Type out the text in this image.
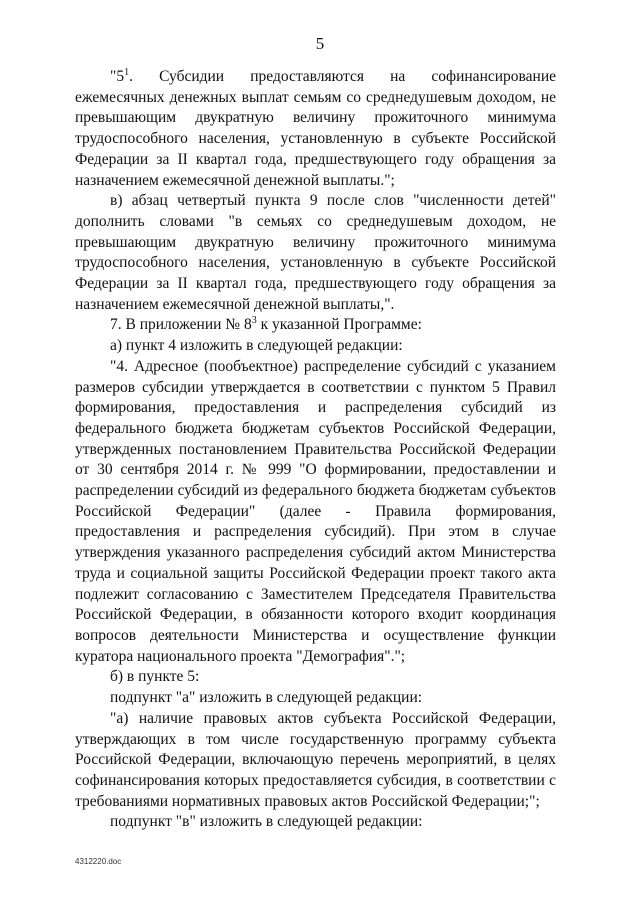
5

"$5^1$. Субсидии предоставляются на софинансирование ежемесячных денежных выплат семьям со среднедушевым доходом, не превышающим двукратную величину прожиточного минимума трудоспособного населения, установленную в субъекте Российской Федерации за II квартал года, предшествующего году обращения за назначением ежемесячной денежной выплаты.";

в) абзац четвертый пункта 9 после слов "численности детей" дополнить словами "в семьях со среднедушевым доходом, не превышающим двукратную величину прожиточного минимума трудоспособного населения, установленную в субъекте Российской Федерации за II квартал года, предшествующего году обращения за назначением ежемесячной денежной выплаты,".

7. В приложении № $8^3$ к указанной Программе:

а) пункт 4 изложить в следующей редакции:

"4. Адресное (пообъектное) распределение субсидий с указанием размеров субсидии утверждается в соответствии с пунктом 5 Правил формирования, предоставления и распределения субсидий из федерального бюджета бюджетам субъектов Российской Федерации, утвержденных постановлением Правительства Российской Федерации от 30 сентября 2014 г. № 999 "О формировании, предоставлении и распределении субсидий из федерального бюджета бюджетам субъектов Российской Федерации" (далее - Правила формирования, предоставления и распределения субсидий). При этом в случае утверждения указанного распределения субсидий актом Министерства труда и социальной защиты Российской Федерации проект такого акта подлежит согласованию с Заместителем Председателя Правительства Российской Федерации, в обязанности которого входит координация вопросов деятельности Министерства и осуществление функции куратора национального проекта "Демография".";

б) в пункте 5:

подпункт "а" изложить в следующей редакции:

"а) наличие правовых актов субъекта Российской Федерации, утверждающих в том числе государственную программу субъекта Российской Федерации, включающую перечень мероприятий, в целях софинансирования которых предоставляется субсидия, в соответствии с требованиями нормативных правовых актов Российской Федерации;";

подпункт "в" изложить в следующей редакции:

4312220.doc
